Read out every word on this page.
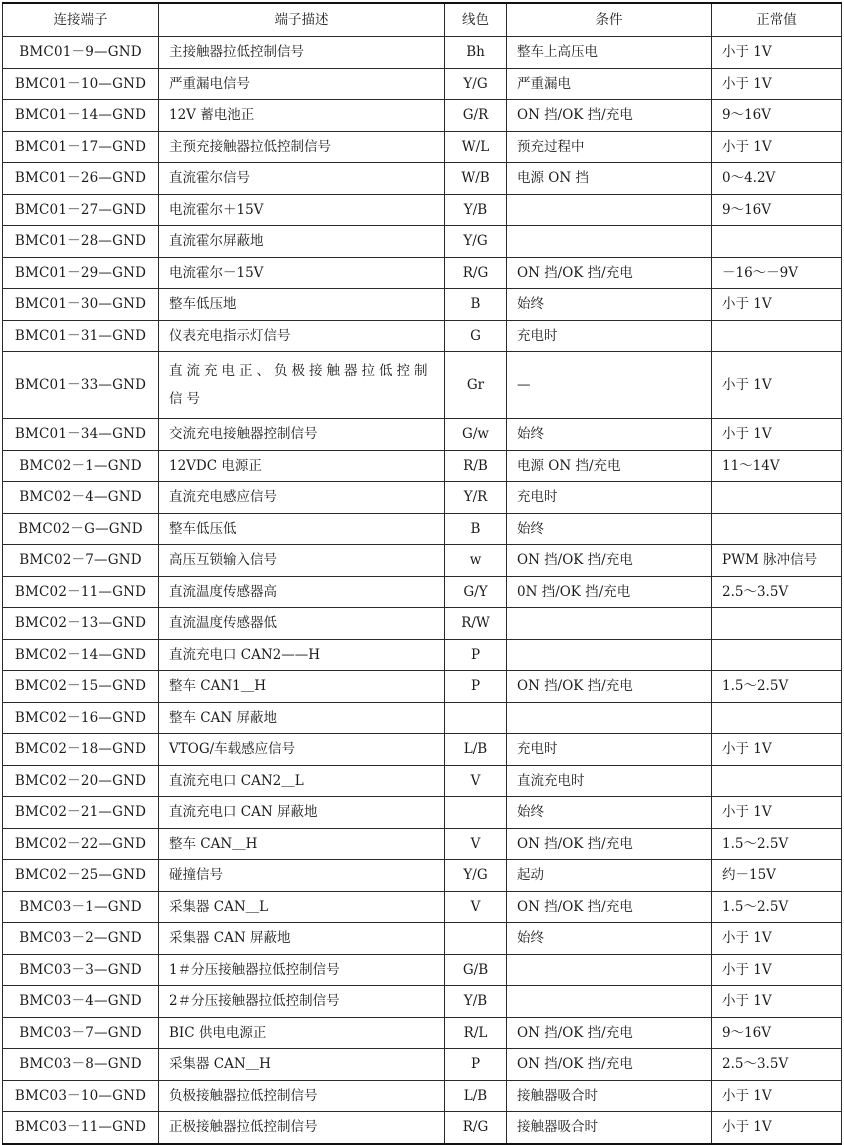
连接端子	端子描述	线色	条件	正常值
BMC01－9—GND	主接触器拉低控制信号	Bh	整车上高压电	小于 1V
BMC01－10—GND	严重漏电信号	Y/G	严重漏电	小于 1V
BMC01－14—GND	12V 蓄电池正	G/R	ON 挡/OK 挡/充电	9～16V
BMC01－17—GND	主预充接触器拉低控制信号	W/L	预充过程中	小于 1V
BMC01－26—GND	直流霍尔信号	W/B	电源 ON 挡	0～4.2V
BMC01－27—GND	电流霍尔＋15V	Y/B		9～16V
BMC01－28—GND	直流霍尔屏蔽地	Y/G		
BMC01－29—GND	电流霍尔－15V	R/G	ON 挡/OK 挡/充电	－16～－9V
BMC01－30—GND	整车低压地	B	始终	小于 1V
BMC01－31—GND	仪表充电指示灯信号	G	充电时	
BMC01－33—GND	直流充电正、负极接触器拉低控制信号	Gr	—	小于 1V
BMC01－34—GND	交流充电接触器控制信号	G/w	始终	小于 1V
BMC02－1—GND	12VDC 电源正	R/B	电源 ON 挡/充电	11～14V
BMC02－4—GND	直流充电感应信号	Y/R	充电时	
BMC02－G—GND	整车低压低	B	始终	
BMC02－7—GND	高压互锁输入信号	w	ON 挡/OK 挡/充电	PWM 脉冲信号
BMC02－11—GND	直流温度传感器高	G/Y	0N 挡/OK 挡/充电	2.5～3.5V
BMC02－13—GND	直流温度传感器低	R/W		
BMC02－14—GND	直流充电口 CAN2——H	P		
BMC02－15—GND	整车 CAN1＿H	P	ON 挡/OK 挡/充电	1.5～2.5V
BMC02－16—GND	整车 CAN 屏蔽地			
BMC02－18—GND	VTOG/车载感应信号	L/B	充电时	小于 1V
BMC02－20—GND	直流充电口 CAN2＿L	V	直流充电时	
BMC02－21—GND	直流充电口 CAN 屏蔽地		始终	小于 1V
BMC02－22—GND	整车 CAN＿H	V	ON 挡/OK 挡/充电	1.5～2.5V
BMC02－25—GND	碰撞信号	Y/G	起动	约－15V
BMC03－1—GND	采集器 CAN＿L	V	ON 挡/OK 挡/充电	1.5～2.5V
BMC03－2—GND	采集器 CAN 屏蔽地		始终	小于 1V
BMC03－3—GND	1＃分压接触器拉低控制信号	G/B		小于 1V
BMC03－4—GND	2＃分压接触器拉低控制信号	Y/B		小于 1V
BMC03－7—GND	BIC 供电电源正	R/L	ON 挡/OK 挡/充电	9～16V
BMC03－8—GND	采集器 CAN＿H	P	ON 挡/OK 挡/充电	2.5～3.5V
BMC03－10—GND	负极接触器拉低控制信号	L/B	接触器吸合时	小于 1V
BMC03－11—GND	正极接触器拉低控制信号	R/G	接触器吸合时	小于 1V
